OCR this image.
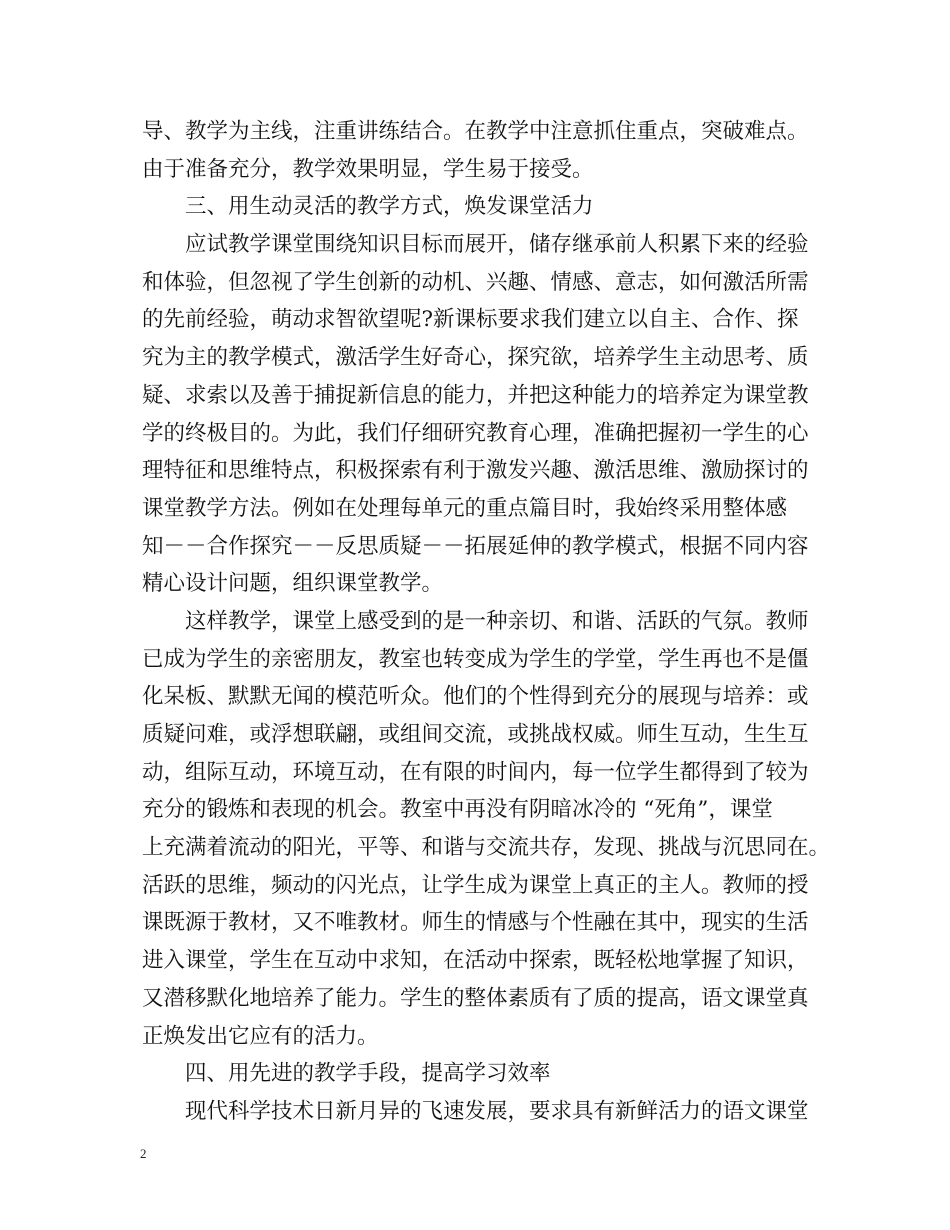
导、教学为主线，注重讲练结合。在教学中注意抓住重点，突破难点。
由于准备充分，教学效果明显，学生易于接受。
三、用生动灵活的教学方式，焕发课堂活力
应试教学课堂围绕知识目标而展开，储存继承前人积累下来的经验
和体验，但忽视了学生创新的动机、兴趣、情感、意志，如何激活所需
的先前经验，萌动求智欲望呢?新课标要求我们建立以自主、合作、探
究为主的教学模式，激活学生好奇心，探究欲，培养学生主动思考、质
疑、求索以及善于捕捉新信息的能力，并把这种能力的培养定为课堂教
学的终极目的。为此，我们仔细研究教育心理，准确把握初一学生的心
理特征和思维特点，积极探索有利于激发兴趣、激活思维、激励探讨的
课堂教学方法。例如在处理每单元的重点篇目时，我始终采用整体感
知－－合作探究－－反思质疑－－拓展延伸的教学模式，根据不同内容
精心设计问题，组织课堂教学。
这样教学，课堂上感受到的是一种亲切、和谐、活跃的气氛。教师
已成为学生的亲密朋友，教室也转变成为学生的学堂，学生再也不是僵
化呆板、默默无闻的模范听众。他们的个性得到充分的展现与培养：或
质疑问难，或浮想联翩，或组间交流，或挑战权威。师生互动，生生互
动，组际互动，环境互动，在有限的时间内，每一位学生都得到了较为
充分的锻炼和表现的机会。教室中再没有阴暗冰冷的 “死角”，课堂
上充满着流动的阳光，平等、和谐与交流共存，发现、挑战与沉思同在。
活跃的思维，频动的闪光点，让学生成为课堂上真正的主人。教师的授
课既源于教材，又不唯教材。师生的情感与个性融在其中，现实的生活
进入课堂，学生在互动中求知，在活动中探索，既轻松地掌握了知识，
又潜移默化地培养了能力。学生的整体素质有了质的提高，语文课堂真
正焕发出它应有的活力。
四、用先进的教学手段，提高学习效率
现代科学技术日新月异的飞速发展，要求具有新鲜活力的语文课堂
2
